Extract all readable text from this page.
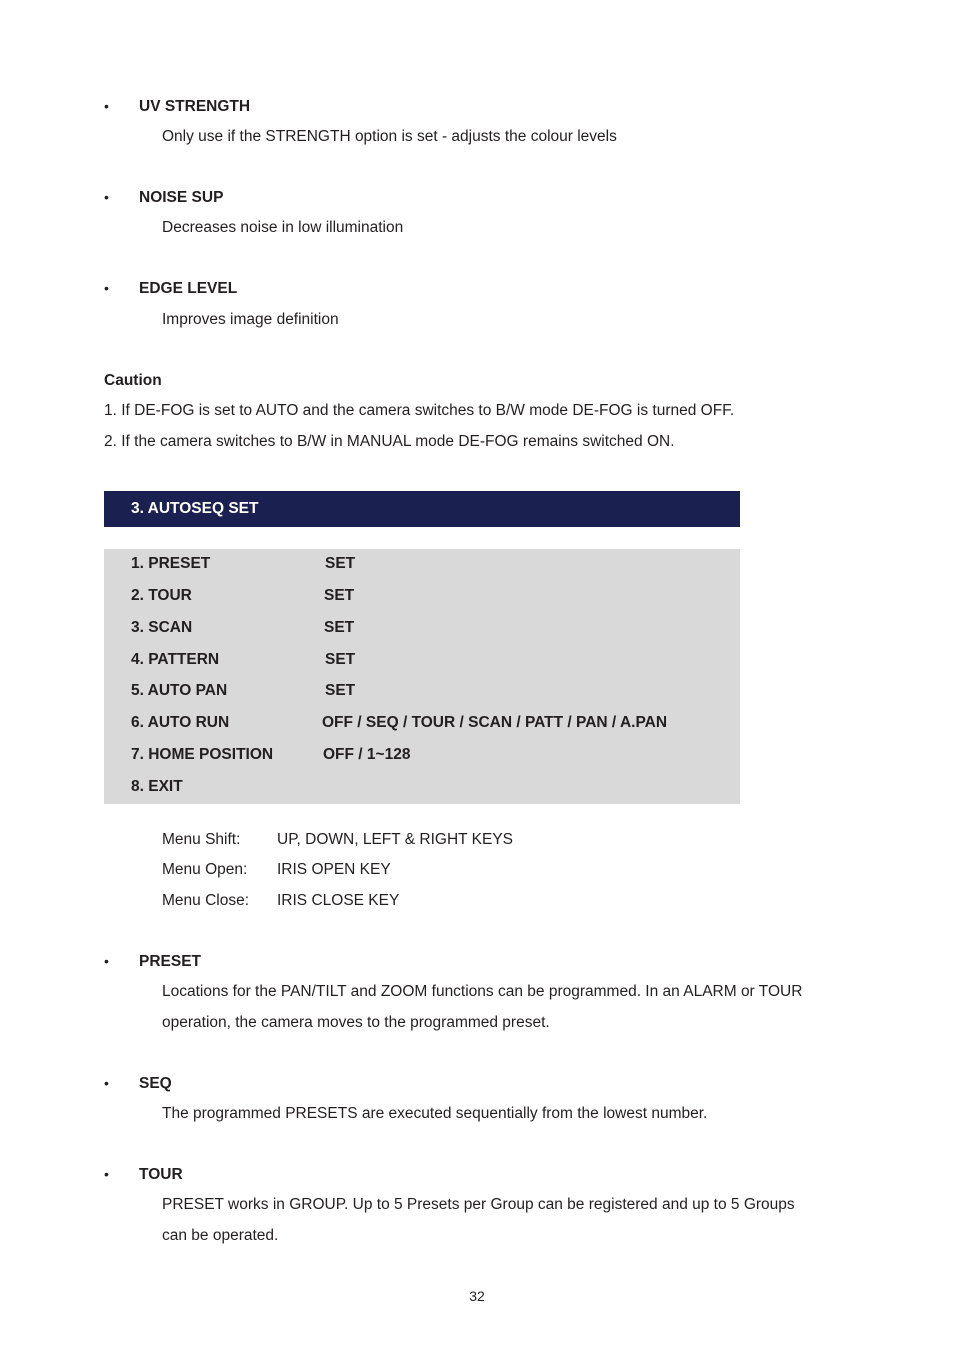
• UV STRENGTH
Only use if the STRENGTH option is set - adjusts the colour levels
• NOISE SUP
Decreases noise in low illumination
• EDGE LEVEL
Improves image definition
Caution
1. If DE-FOG is set to AUTO and the camera switches to B/W mode DE-FOG is turned OFF.
2. If the camera switches to B/W in MANUAL mode DE-FOG remains switched ON.
3. AUTOSEQ SET
1. PRESET	SET
2. TOUR	SET
3. SCAN	SET
4. PATTERN	SET
5. AUTO PAN	SET
6. AUTO RUN	OFF / SEQ / TOUR / SCAN / PATT / PAN / A.PAN
7. HOME POSITION	OFF / 1~128
8. EXIT
Menu Shift: UP, DOWN, LEFT & RIGHT KEYS
Menu Open: IRIS OPEN KEY
Menu Close: IRIS CLOSE KEY
• PRESET
Locations for the PAN/TILT and ZOOM functions can be programmed. In an ALARM or TOUR
operation, the camera moves to the programmed preset.
• SEQ
The programmed PRESETS are executed sequentially from the lowest number.
• TOUR
PRESET works in GROUP. Up to 5 Presets per Group can be registered and up to 5 Groups
can be operated.
32
